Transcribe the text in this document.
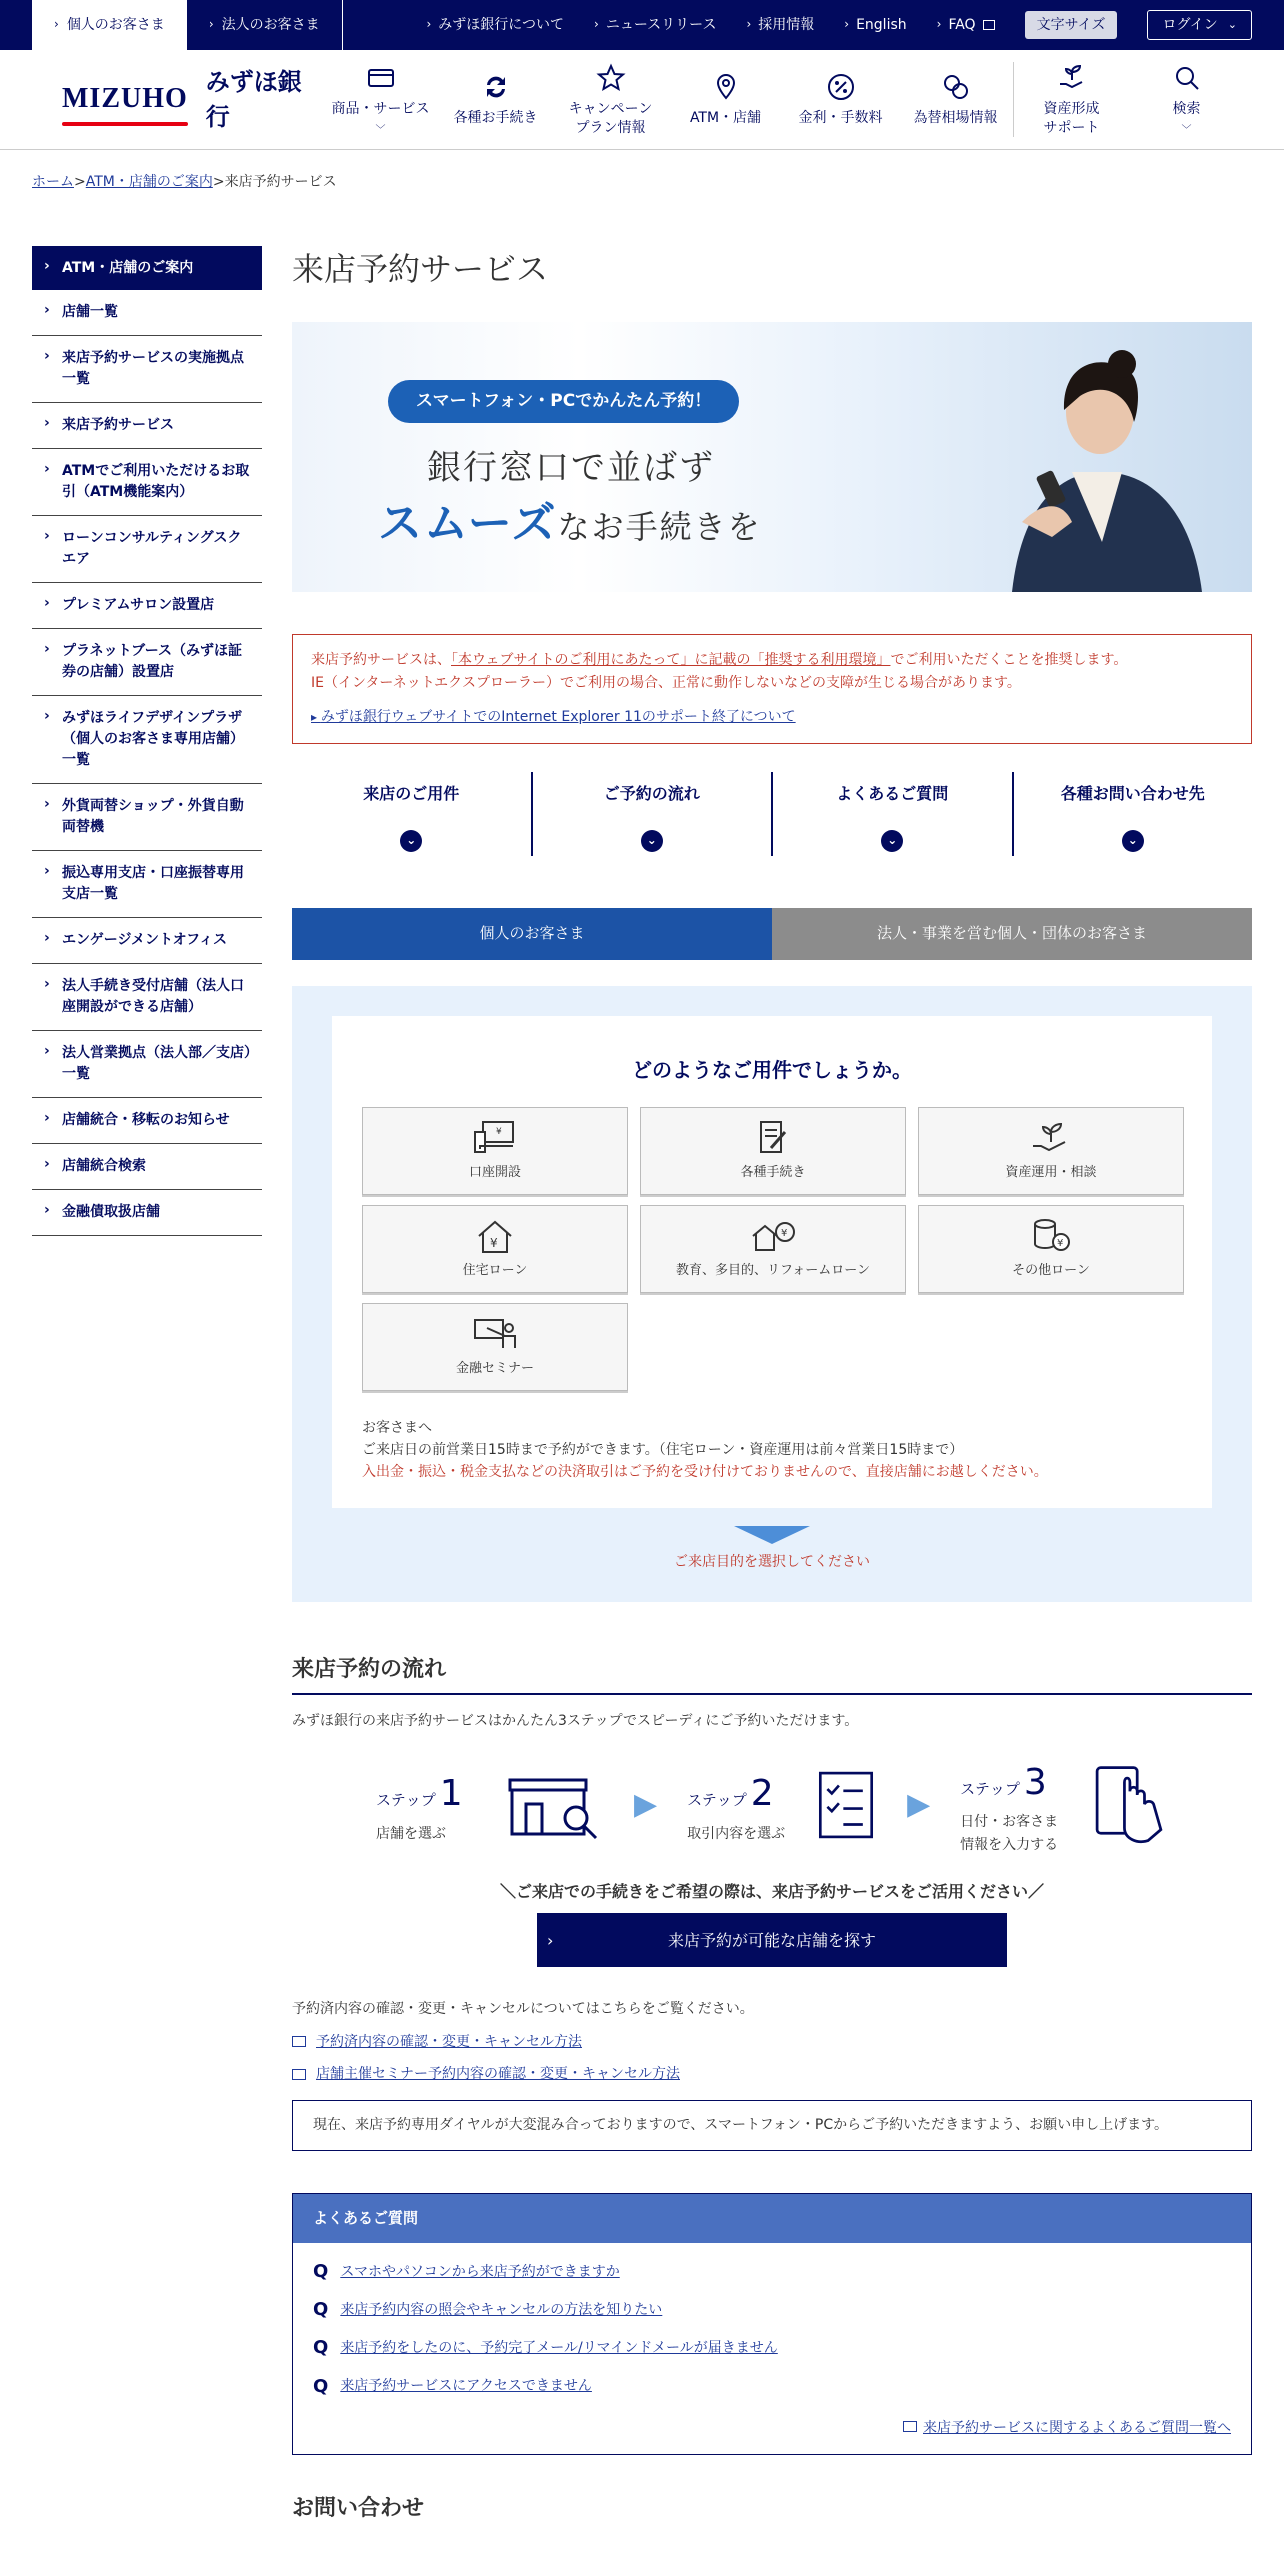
› 個人のお客さま	› 法人のお客さま	› みずほ銀行について	› ニュースリリース	› 採用情報	› English	› FAQ	文字サイズ	ログイン ⌄
MIZUHO
みずほ銀行	商品・サービス
﹀
各種お手続き
キャンペーン
プラン情報
ATM・店舗	金利・手数料 為替相場情報
資産形成
サポート
検索
﹀
ホーム>ATM・店舗のご案内>来店予約サービス
› ATM・店舗のご案内
› 店舗一覧
› 来店予約サービスの実施拠点一覧
› 来店予約サービス
› ATMでご利用いただけるお取引（ATM機能案内）
› ローンコンサルティングスクエア
› プレミアムサロン設置店
› プラネットブース（みずほ証券の店舗）設置店
› みずほライフデザインプラザ（個人のお客さま専用店舗）一覧
› 外貨両替ショップ・外貨自動両替機
› 振込専用支店・口座振替専用支店一覧
› エンゲージメントオフィス
› 法人手続き受付店舗（法人口座開設ができる店舗）
› 法人営業拠点（法人部／支店）一覧
› 店舗統合・移転のお知らせ
› 店舗統合検索
› 金融債取扱店舗
来店予約サービス
スマートフォン・PCでかんたん予約！
銀行窓口で並ばず
スムーズなお手続きを
来店予約サービスは、「本ウェブサイトのご利用にあたって」に記載の「推奨する利用環境」でご利用いただくことを推奨します。
IE（インターネットエクスプローラー）でご利用の場合、正常に動作しないなどの支障が生じる場合があります。
▸ みずほ銀行ウェブサイトでのInternet Explorer 11のサポート終了について
来店のご用件
⌄
ご予約の流れ
⌄
よくあるご質問
⌄
各種お問い合わせ先
⌄
個人のお客さま	法人・事業を営む個人・団体のお客さま
どのようなご用件でしょうか。
¥
口座開設	各種手続き	資産運用・相談
¥
住宅ローン
¥
教育、多目的、リフォームローン
¥
その他ローン
金融セミナー
お客さまへ
ご来店日の前営業日15時まで予約ができます。（住宅ローン・資産運用は前々営業日15時まで）
入出金・振込・税金支払などの決済取引はご予約を受け付けておりませんので、直接店舗にお越しください。
ご来店目的を選択してください
来店予約の流れ
みずほ銀行の来店予約サービスはかんたん3ステップでスピーディにご予約いただけます。
ステップ 1
店舗を選ぶ
▶ ステップ 2
取引内容を選ぶ
▶ ステップ 3
日付・お客さま情報を入力する
＼ご来店での手続きをご希望の際は、来店予約サービスをご活用ください／
›	来店予約が可能な店舗を探す
予約済内容の確認・変更・キャンセルについてはこちらをご覧ください。
予約済内容の確認・変更・キャンセル方法
店舗主催セミナー予約内容の確認・変更・キャンセル方法
現在、来店予約専用ダイヤルが大変混み合っておりますので、スマートフォン・PCからご予約いただきますよう、お願い申し上げます。
よくあるご質問
Q スマホやパソコンから来店予約ができますか
Q 来店予約内容の照会やキャンセルの方法を知りたい
Q 来店予約をしたのに、予約完了メール/リマインドメールが届きません
Q 来店予約サービスにアクセスできません
来店予約サービスに関するよくあるご質問一覧へ
お問い合わせ
